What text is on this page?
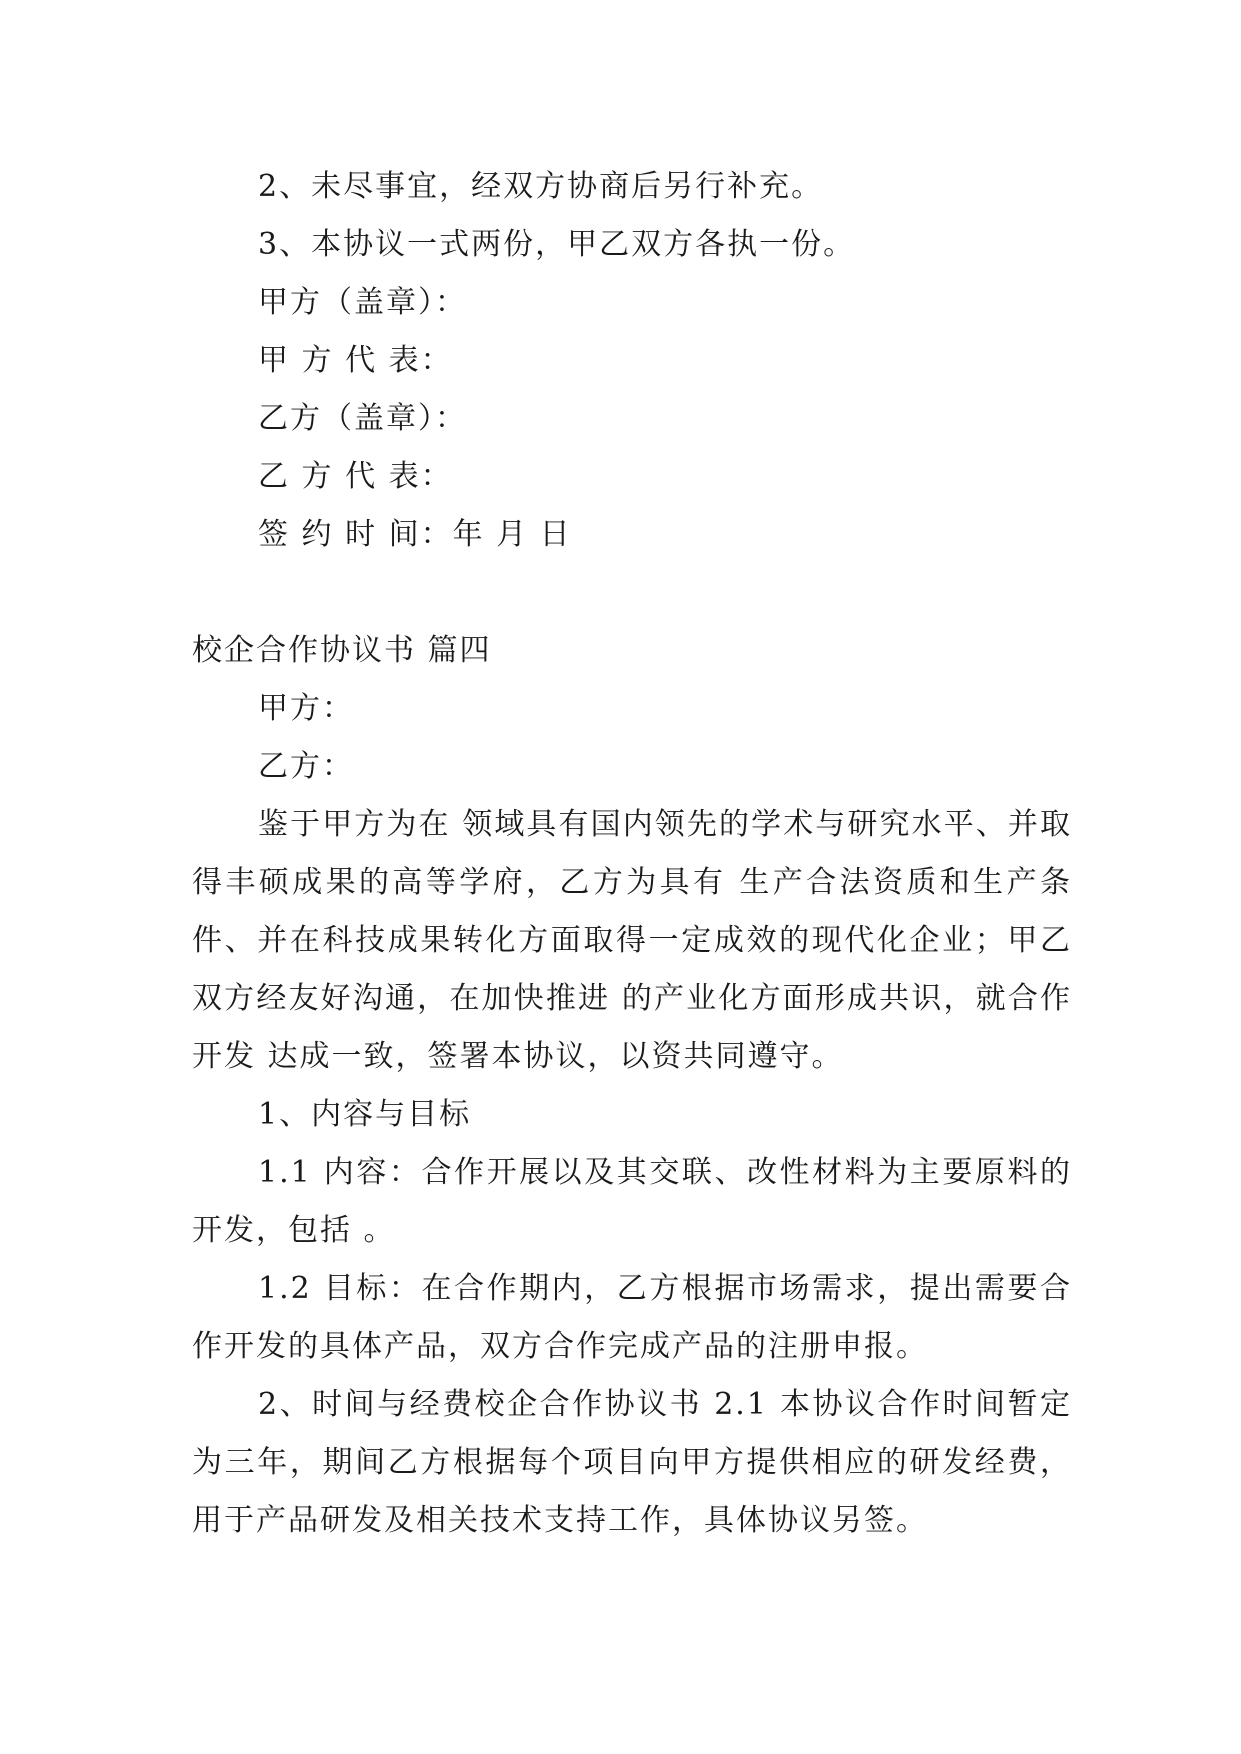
2、未尽事宜，经双方协商后另行补充。
3、本协议一式两份，甲乙双方各执一份。
甲方（盖章）：
甲 方 代 表：
乙方（盖章）：
乙 方 代 表：
签 约 时 间：年 月 日
校企合作协议书 篇四
甲方：
乙方：

鉴于甲方为在 领域具有国内领先的学术与研究水平、并取得丰硕成果的高等学府，乙方为具有 生产合法资质和生产条件、并在科技成果转化方面取得一定成效的现代化企业；甲乙双方经友好沟通，在加快推进 的产业化方面形成共识，就合作开发 达成一致，签署本协议，以资共同遵守。

1、内容与目标

1.1 内容：合作开展以及其交联、改性材料为主要原料的开发，包括 。

1.2 目标：在合作期内，乙方根据市场需求，提出需要合作开发的具体产品，双方合作完成产品的注册申报。

2、时间与经费校企合作协议书 2.1 本协议合作时间暂定为三年，期间乙方根据每个项目向甲方提供相应的研发经费，用于产品研发及相关技术支持工作，具体协议另签。
